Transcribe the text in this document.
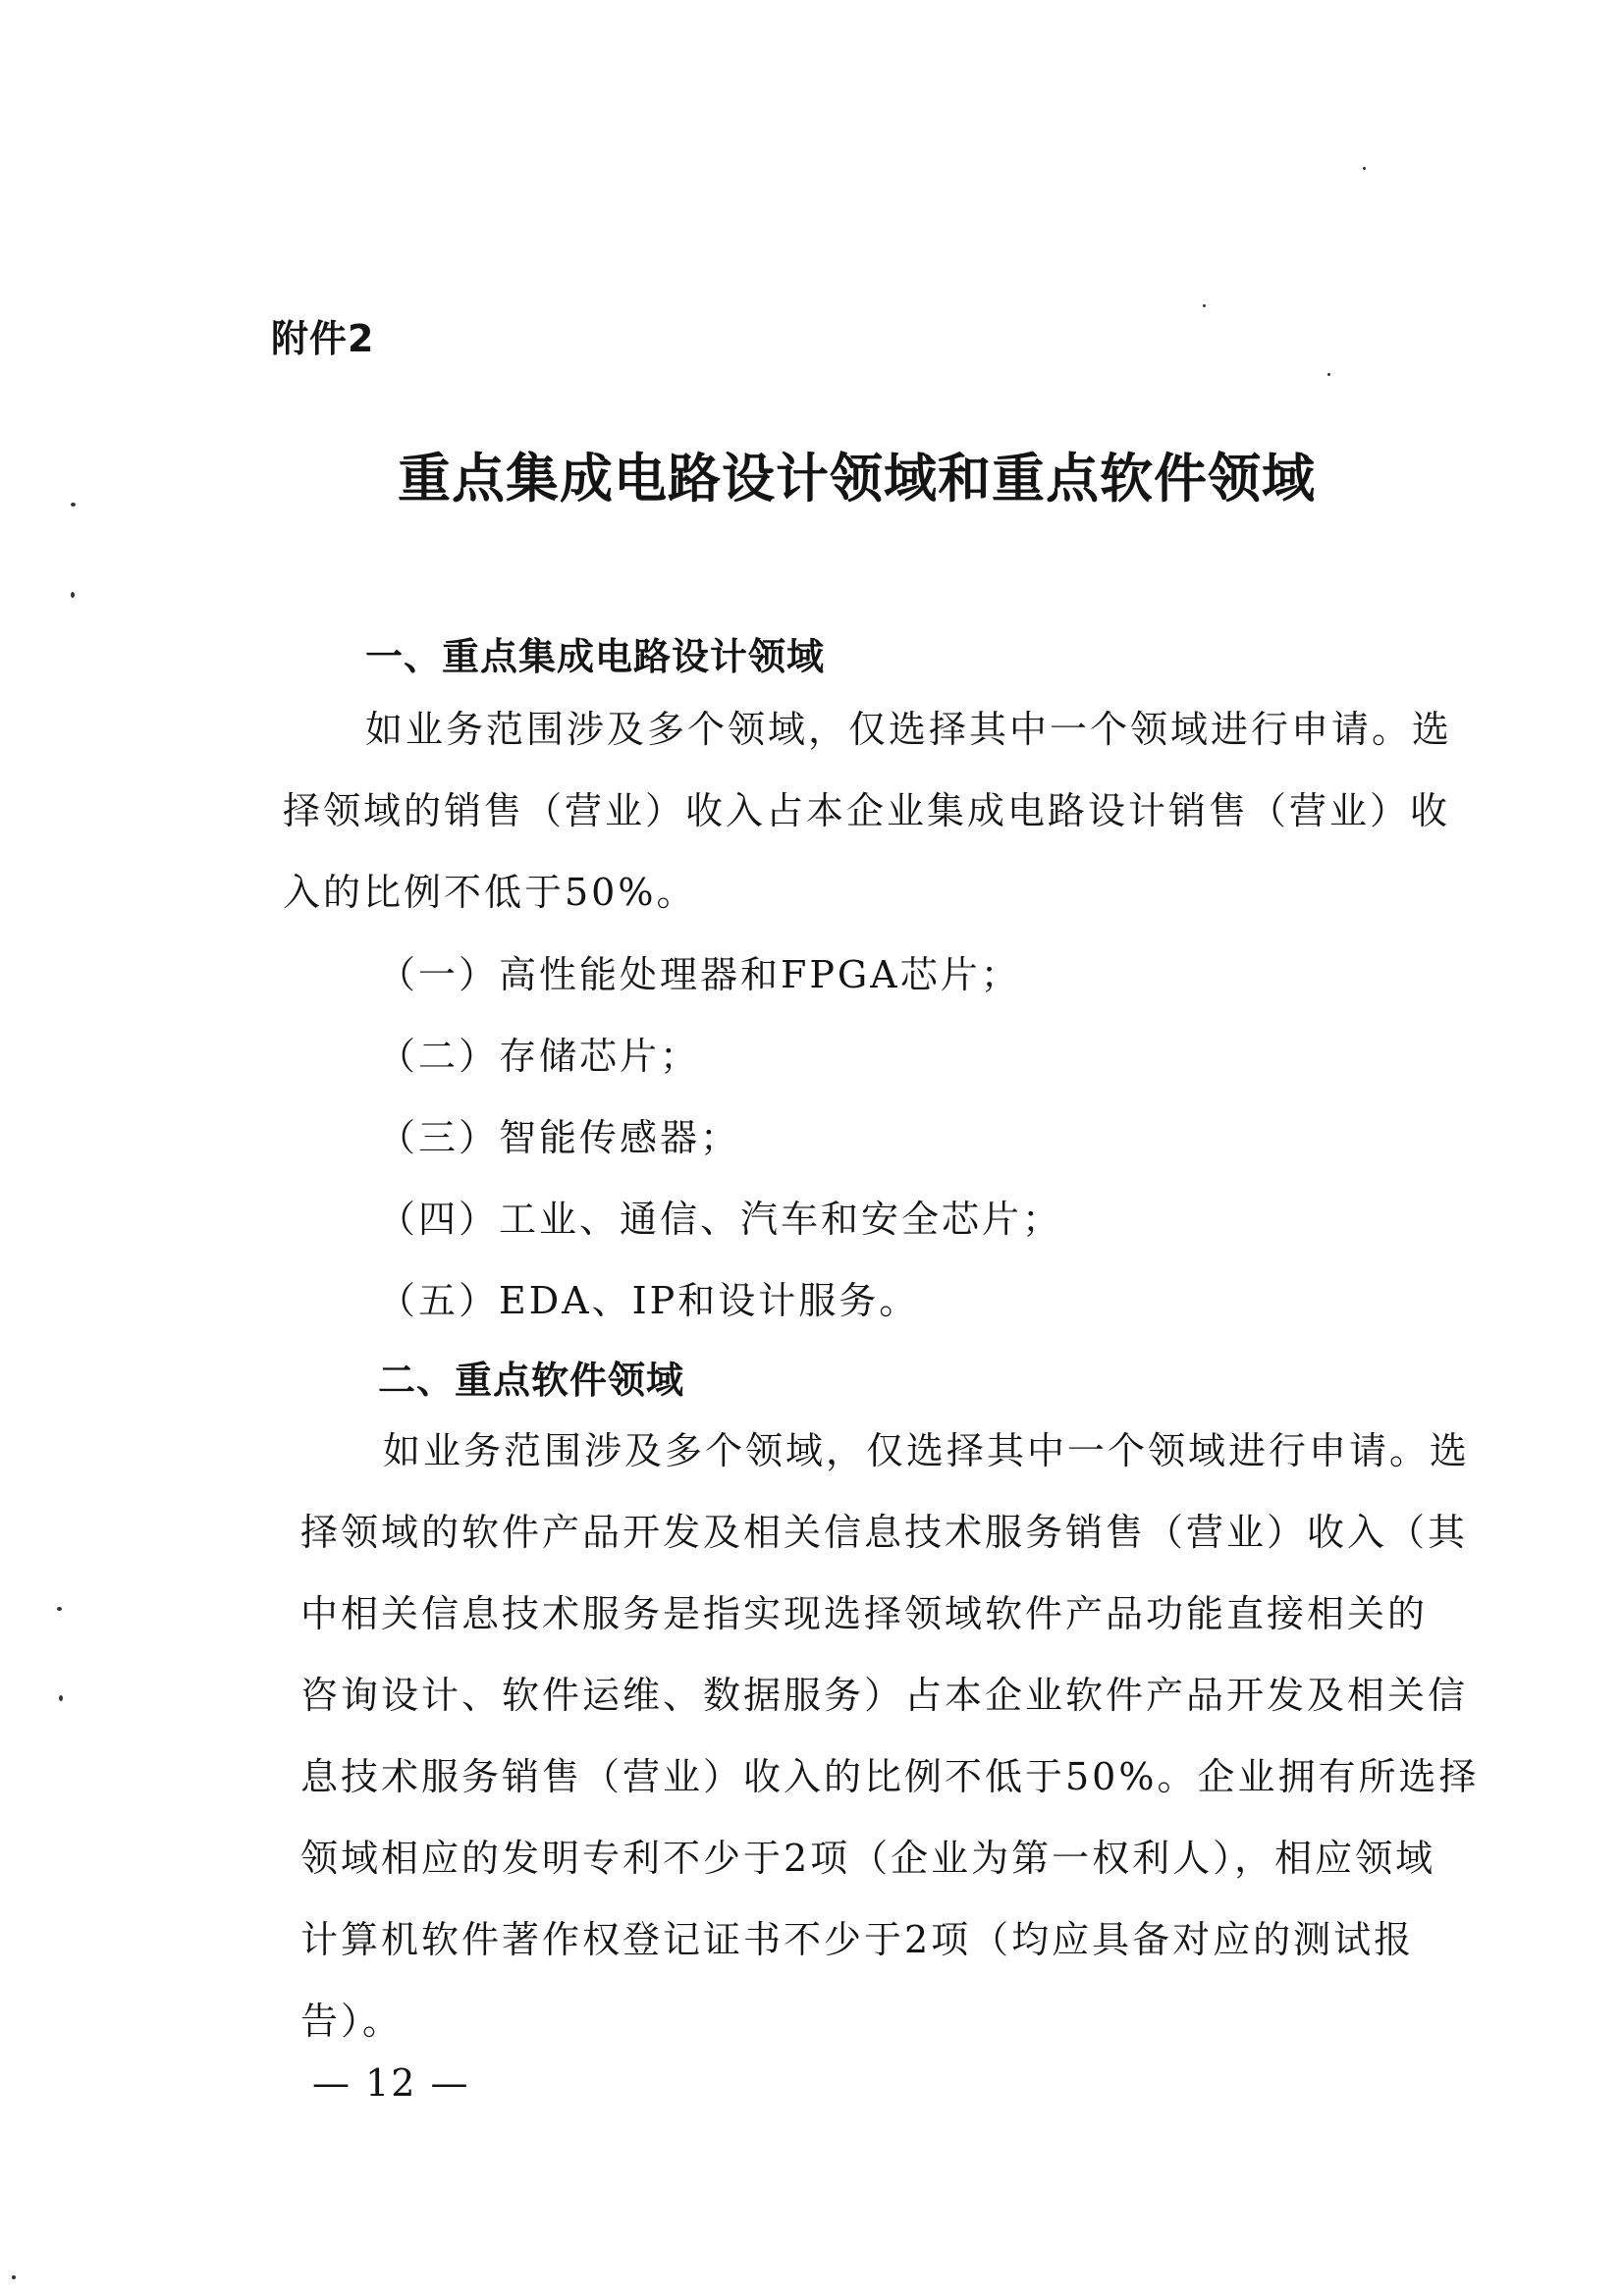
附件2
重点集成电路设计领域和重点软件领域
一、重点集成电路设计领域
如业务范围涉及多个领域，仅选择其中一个领域进行申请。选
择领域的销售（营业）收入占本企业集成电路设计销售（营业）收
入的比例不低于50%。
（一）高性能处理器和FPGA芯片；
（二）存储芯片；
（三）智能传感器；
（四）工业、通信、汽车和安全芯片；
（五）EDA、IP和设计服务。
二、重点软件领域
如业务范围涉及多个领域，仅选择其中一个领域进行申请。选
择领域的软件产品开发及相关信息技术服务销售（营业）收入（其
中相关信息技术服务是指实现选择领域软件产品功能直接相关的
咨询设计、软件运维、数据服务）占本企业软件产品开发及相关信
息技术服务销售（营业）收入的比例不低于50%。企业拥有所选择
领域相应的发明专利不少于2项（企业为第一权利人），相应领域
计算机软件著作权登记证书不少于2项（均应具备对应的测试报
告）。
— 12 —
